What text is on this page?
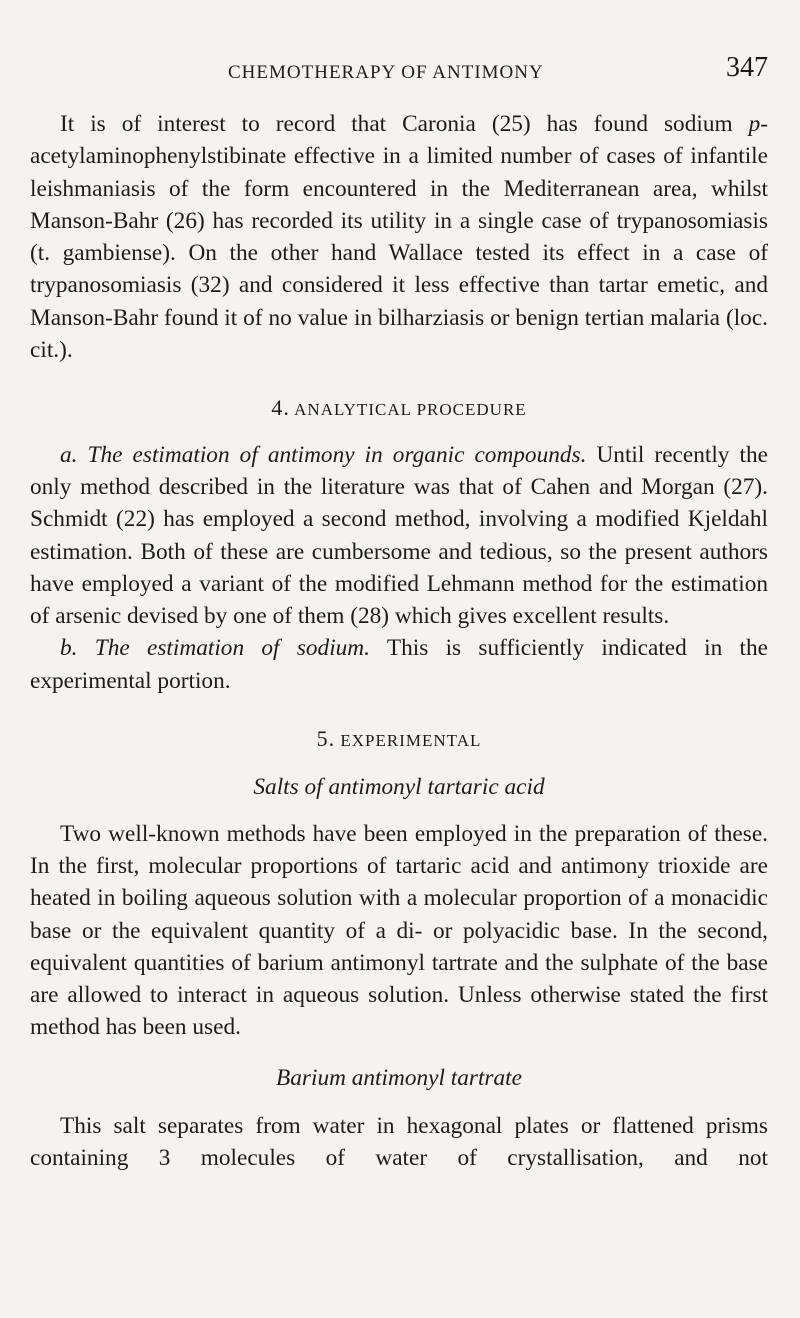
CHEMOTHERAPY OF ANTIMONY	347

It is of interest to record that Caronia (25) has found sodium p-acetylaminophenylstibinate effective in a limited number of cases of infantile leishmaniasis of the form encountered in the Mediterranean area, whilst Manson-Bahr (26) has recorded its utility in a single case of trypanosomiasis (t. gambiense). On the other hand Wallace tested its effect in a case of trypanosomiasis (32) and considered it less effective than tartar emetic, and Manson-Bahr found it of no value in bilharziasis or benign tertian malaria (loc. cit.).

4. ANALYTICAL PROCEDURE

a. The estimation of antimony in organic compounds. Until recently the only method described in the literature was that of Cahen and Morgan (27). Schmidt (22) has employed a second method, involving a modified Kjeldahl estimation. Both of these are cumbersome and tedious, so the present authors have employed a variant of the modified Lehmann method for the estimation of arsenic devised by one of them (28) which gives excellent results.

b. The estimation of sodium. This is sufficiently indicated in the experimental portion.

5. EXPERIMENTAL

Salts of antimonyl tartaric acid

Two well-known methods have been employed in the preparation of these. In the first, molecular proportions of tartaric acid and antimony trioxide are heated in boiling aqueous solution with a molecular proportion of a monacidic base or the equivalent quantity of a di- or polyacidic base. In the second, equivalent quantities of barium antimonyl tartrate and the sulphate of the base are allowed to interact in aqueous solution. Unless otherwise stated the first method has been used.

Barium antimonyl tartrate

This salt separates from water in hexagonal plates or flattened prisms containing 3 molecules of water of crystallisation, and not
